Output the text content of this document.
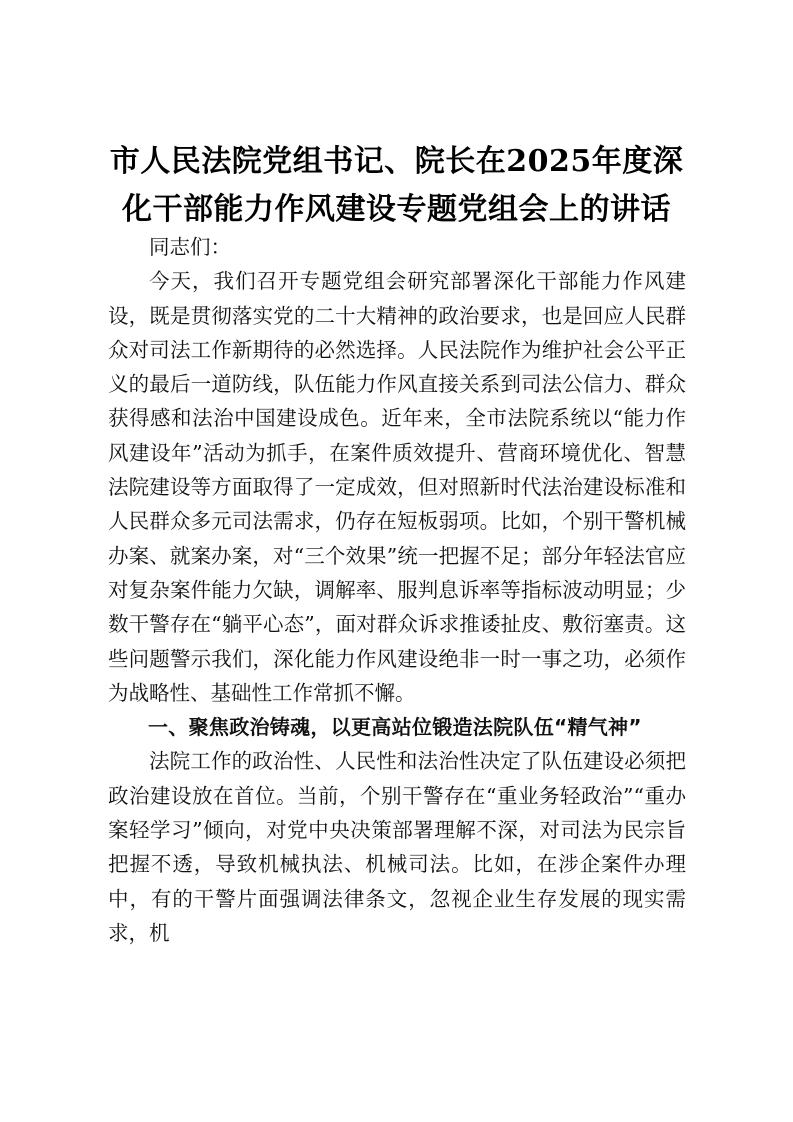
市人民法院党组书记、院长在2025年度深化干部能力作风建设专题党组会上的讲话

同志们：

今天，我们召开专题党组会研究部署深化干部能力作风建设，既是贯彻落实党的二十大精神的政治要求，也是回应人民群众对司法工作新期待的必然选择。人民法院作为维护社会公平正义的最后一道防线，队伍能力作风直接关系到司法公信力、群众获得感和法治中国建设成色。近年来，全市法院系统以“能力作风建设年”活动为抓手，在案件质效提升、营商环境优化、智慧法院建设等方面取得了一定成效，但对照新时代法治建设标准和人民群众多元司法需求，仍存在短板弱项。比如，个别干警机械办案、就案办案，对“三个效果”统一把握不足；部分年轻法官应对复杂案件能力欠缺，调解率、服判息诉率等指标波动明显；少数干警存在“躺平心态”，面对群众诉求推诿扯皮、敷衍塞责。这些问题警示我们，深化能力作风建设绝非一时一事之功，必须作为战略性、基础性工作常抓不懈。

一、聚焦政治铸魂，以更高站位锻造法院队伍“精气神”

法院工作的政治性、人民性和法治性决定了队伍建设必须把政治建设放在首位。当前，个别干警存在“重业务轻政治”“重办案轻学习”倾向，对党中央决策部署理解不深，对司法为民宗旨把握不透，导致机械执法、机械司法。比如，在涉企案件办理中，有的干警片面强调法律条文，忽视企业生存发展的现实需求，机
